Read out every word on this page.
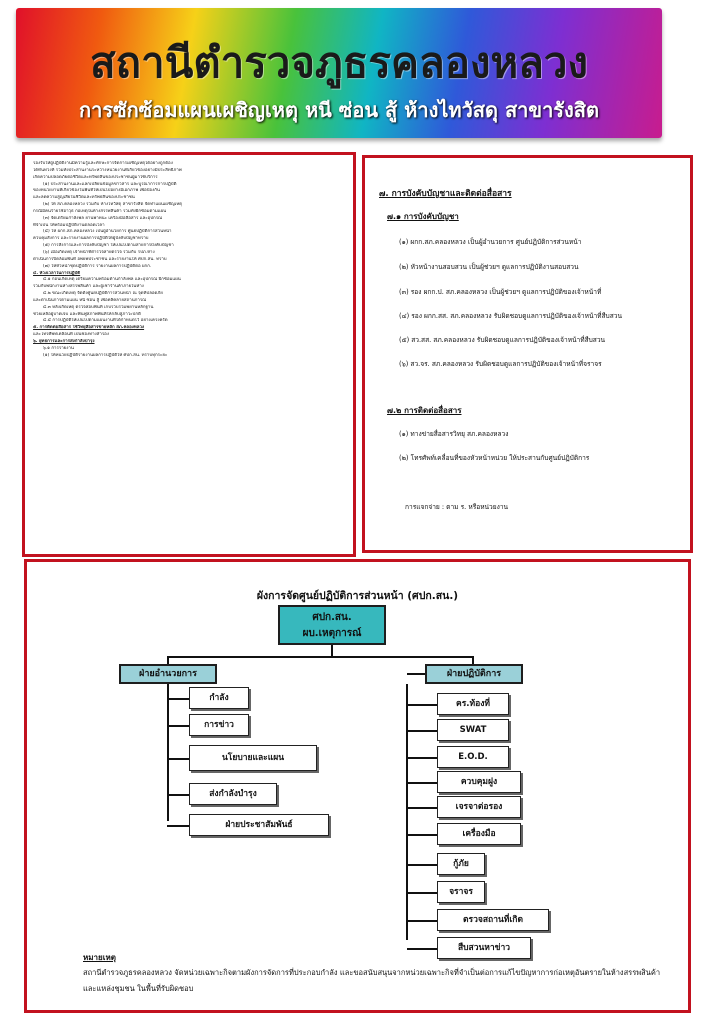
สถานีตำรวจภูธรคลองหลวง
การซักซ้อมแผนเผชิญเหตุ หนี ซ่อน สู้ ห้างไทวัสดุ สาขารังสิต
รองรับให้ผู้ปฏิบัติงานมีความรู้และทักษะการจัดการเผชิญเหตุได้อย่างถูกต้อง
ได้ทันท่วงที รวมทั้งประสานงานระหว่างหน่วยงานที่เกี่ยวข้องอย่างมีประสิทธิภาพ
เกิดความปลอดภัยต่อชีวิตและทรัพย์สินของประชาชนผู้มาใช้บริการ
(๑) ประสานงานและแลกเปลี่ยนข้อมูลข่าวสาร และบูรณาการการปฏิบัติ
ของหน่วยงานที่เกี่ยวข้องในพื้นที่ให้เป็นไปอย่างมีเอกภาพ เพื่อป้องกัน
และลดความสูญเสียในชีวิตและทรัพย์สินของประชาชน
(๒) ให้ สภ.คลองหลวง ร่วมกับ ห้างไทวัสดุ สาขารังสิต จัดทำแผนเผชิญเหตุ
กรณีมีคนร้ายใช้อาวุธ ก่อเหตุในห้างสรรพสินค้า รวมทั้งฝึกซ้อมตามแผน
(๓) จัดเตรียมกำลังพล ยานพาหนะ เครื่องมือสื่อสาร และอุปกรณ์
ที่จำเป็น ให้พร้อมปฏิบัติงานตลอดเวลา
(๔) ให้ ผกก.สภ.คลองหลวง เป็นผู้อำนวยการ ศูนย์ปฏิบัติการส่วนหน้า
ควบคุมสั่งการ และรายงานผลการปฏิบัติให้ผู้บังคับบัญชาทราบ
(๕) การสั่งการและการบังคับบัญชา ให้เป็นไปตามสายการบังคับบัญชา
(๖) เมื่อเกิดเหตุ เจ้าหน้าที่ตำรวจสายตรวจ ร่วมกับ รปภ.ห้าง
ดำเนินการปิดล้อมพื้นที่ อพยพประชาชน และรายงานให้ ศปก.สน. ทราบ
(๗) ให้หัวหน้าชุดปฏิบัติการ รายงานผลการปฏิบัติต่อ ผกก.
๔. ห้วงเวลาในการปฏิบัติ
๔.๑ ก่อนเกิดเหตุ เตรียมความพร้อมด้านกำลังพล และอุปกรณ์ ฝึกซ้อมแผน
ร่วมกับพนักงานห้างสรรพสินค้า และผู้เช่าร้านค้าภายในห้าง
๔.๒ ขณะเกิดเหตุ จัดตั้งศูนย์ปฏิบัติการส่วนหน้า ณ จุดที่ปลอดภัย
และดำเนินการตามแผน หนี ซ่อน สู้ เพื่อคลี่คลายสถานการณ์
๔.๓ หลังเกิดเหตุ ตรวจสอบพื้นที่ เก็บรวบรวมพยานหลักฐาน
ช่วยเหลือผู้บาดเจ็บ และฟื้นฟูสภาพพื้นที่ให้กลับสู่ภาวะปกติ
๔.๔ การปฏิบัติให้เป็นไปตามแผนงานที่ได้กำหนดไว้ อย่างเคร่งครัด
๕. การติดต่อสื่อสาร ใช้วิทยุสื่อสารข่ายหลัก สภ.คลองหลวง
และโทรศัพท์เคลื่อนที่ เป็นช่องทางสำรอง
๖. ยุทธการและการส่งกำลังบำรุง
๖.๑ การรายงาน
(๑) ให้หน่วยปฏิบัติรายงานผลการปฏิบัติให้ ศปก.สน. ทราบทุกระยะ
๗. การบังคับบัญชาและติดต่อสื่อสาร
๗.๑ การบังคับบัญชา
(๑) ผกก.สภ.คลองหลวง เป็นผู้อำนวยการ ศูนย์ปฏิบัติการส่วนหน้า
(๒) หัวหน้างานสอบสวน เป็นผู้ช่วยฯ ดูแลการปฏิบัติงานสอบสวน
(๓) รอง ผกก.ป. สภ.คลองหลวง เป็นผู้ช่วยฯ ดูแลการปฏิบัติของเจ้าหน้าที่
(๔) รอง ผกก.สส. สภ.คลองหลวง รับผิดชอบดูแลการปฏิบัติของเจ้าหน้าที่สืบสวน
(๕) สว.สส. สภ.คลองหลวง รับผิดชอบดูแลการปฏิบัติของเจ้าหน้าที่สืบสวน
(๖) สว.จร. สภ.คลองหลวง รับผิดชอบดูแลการปฏิบัติของเจ้าหน้าที่จราจร
๗.๒ การติดต่อสื่อสาร
(๑) ทางข่ายสื่อสารวิทยุ สภ.คลองหลวง
(๒) โทรศัพท์เคลื่อนที่ของหัวหน้าหน่วย ให้ประสานกับศูนย์ปฏิบัติการ
การแจกจ่าย : ตาม ร. หรือหน่วยงาน
ผังการจัดศูนย์ปฏิบัติการส่วนหน้า (ศปก.สน.)
ศปก.สน.
ผบ.เหตุการณ์
ฝ่ายอำนวยการ	ฝ่ายปฏิบัติการ
กำลัง
การข่าว
นโยบายและแผน
ส่งกำลังบำรุง
ฝ่ายประชาสัมพันธ์
คร.ท้องที่
SWAT
E.O.D.
ควบคุมฝูง
เจรจาต่อรอง
เครื่องมือ
กู้ภัย
จราจร
ตรวจสถานที่เกิด
สืบสวนหาข่าว
หมายเหตุ
สถานีตำรวจภูธรคลองหลวง จัดหน่วยเฉพาะกิจตามผังการจัดการที่ประกอบกำลัง และขอสนับสนุนจากหน่วยเฉพาะกิจที่จำเป็นต่อการแก้ไขปัญหาการก่อเหตุอันตรายในห้างสรรพสินค้าและแหล่งชุมชน ในพื้นที่รับผิดชอบ
